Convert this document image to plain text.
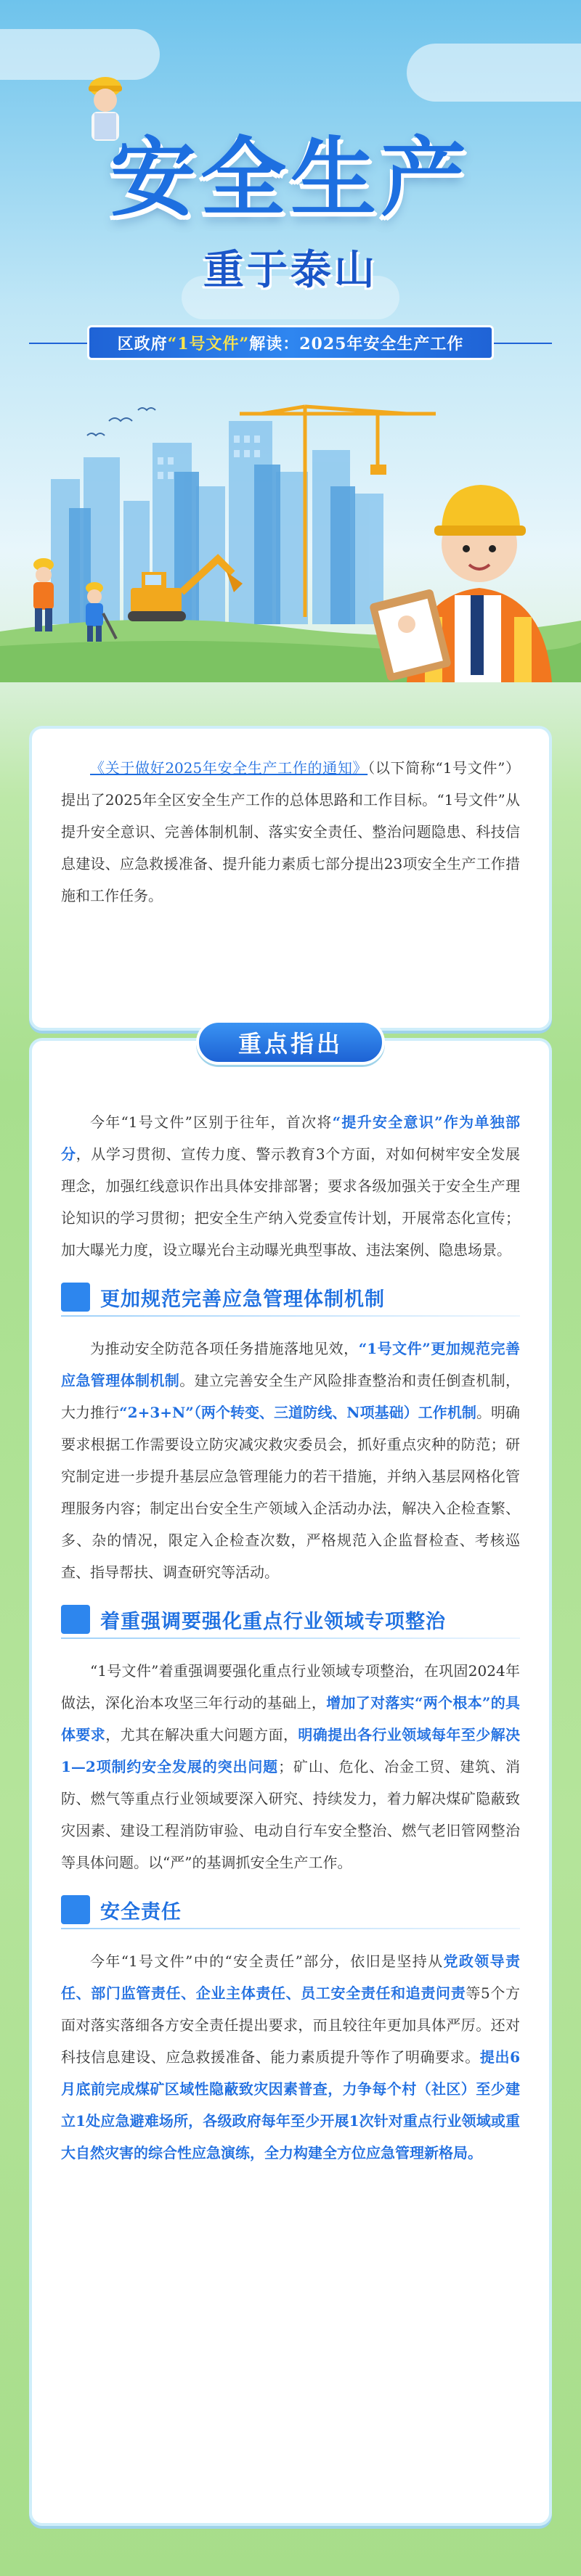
安全生产
重于泰山
区政府 “1号文件” 解读：2025年安全生产工作

《关于做好2025年安全生产工作的通知》（以下简称“1号文件”）提出了2025年全区安全生产工作的总体思路和工作目标。“1号文件”从提升安全意识、完善体制机制、落实安全责任、整治问题隐患、科技信息建设、应急救援准备、提升能力素质七部分提出23项安全生产工作措施和工作任务。

重点指出

今年“1号文件”区别于往年，首次将“提升安全意识”作为单独部分，从学习贯彻、宣传力度、警示教育3个方面，对如何树牢安全发展理念，加强红线意识作出具体安排部署；要求各级加强关于安全生产理论知识的学习贯彻；把安全生产纳入党委宣传计划，开展常态化宣传；加大曝光力度，设立曝光台主动曝光典型事故、违法案例、隐患场景。

更加规范完善应急管理体制机制

为推动安全防范各项任务措施落地见效，“1号文件”更加规范完善应急管理体制机制。建立完善安全生产风险排查整治和责任倒查机制，大力推行“2+3+N”（两个转变、三道防线、N项基础）工作机制。明确要求根据工作需要设立防灾减灾救灾委员会，抓好重点灾种的防范；研究制定进一步提升基层应急管理能力的若干措施，并纳入基层网格化管理服务内容；制定出台安全生产领域入企活动办法，解决入企检查繁、多、杂的情况，限定入企检查次数，严格规范入企监督检查、考核巡查、指导帮扶、调查研究等活动。

着重强调要强化重点行业领域专项整治

“1号文件”着重强调要强化重点行业领域专项整治，在巩固2024年做法，深化治本攻坚三年行动的基础上，增加了对落实“两个根本”的具体要求，尤其在解决重大问题方面，明确提出各行业领域每年至少解决1—2项制约安全发展的突出问题；矿山、危化、冶金工贸、建筑、消防、燃气等重点行业领域要深入研究、持续发力，着力解决煤矿隐蔽致灾因素、建设工程消防审验、电动自行车安全整治、燃气老旧管网整治等具体问题。以“严”的基调抓安全生产工作。

安全责任

今年“1号文件”中的“安全责任”部分，依旧是坚持从党政领导责任、部门监管责任、企业主体责任、员工安全责任和追责问责等5个方面对落实落细各方安全责任提出要求，而且较往年更加具体严厉。还对科技信息建设、应急救援准备、能力素质提升等作了明确要求。提出6月底前完成煤矿区域性隐蔽致灾因素普查，力争每个村（社区）至少建立1处应急避难场所，各级政府每年至少开展1次针对重点行业领域或重大自然灾害的综合性应急演练，全力构建全方位应急管理新格局。
